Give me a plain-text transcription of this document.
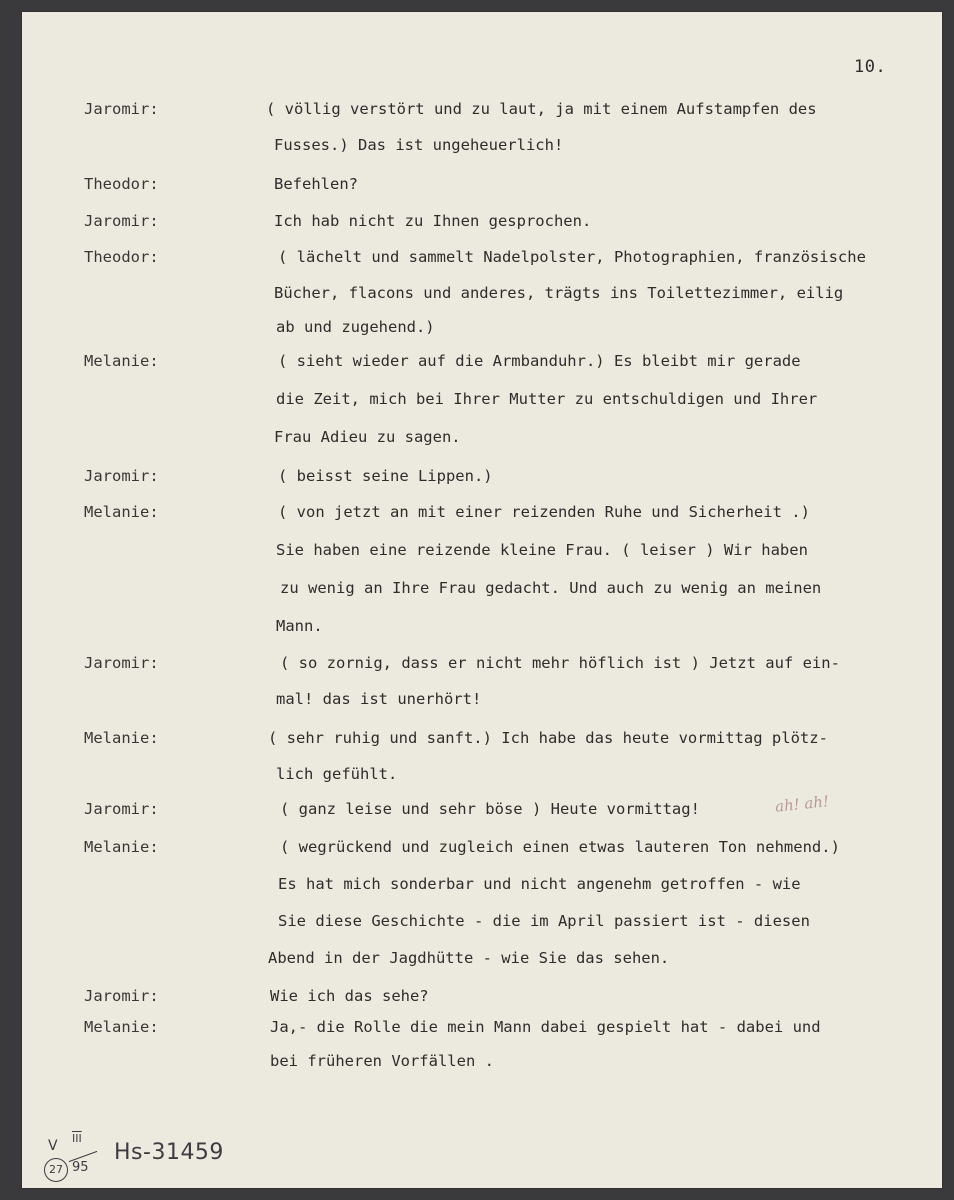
10.
Jaromir:	( völlig verstört und zu laut, ja mit einem Aufstampfen des
Fusses.) Das ist ungeheuerlich!
Theodor:	Befehlen?
Jaromir:	Ich hab nicht zu Ihnen gesprochen.
Theodor:	( lächelt und sammelt Nadelpolster, Photographien, französische
Bücher, flacons und anderes, trägts ins Toilettezimmer, eilig
ab und zugehend.)
Melanie:	( sieht wieder auf die Armbanduhr.) Es bleibt mir gerade
die Zeit, mich bei Ihrer Mutter zu entschuldigen und Ihrer
Frau Adieu zu sagen.
Jaromir:	( beisst seine Lippen.)
Melanie:	( von jetzt an mit einer reizenden Ruhe und Sicherheit .)
Sie haben eine reizende kleine Frau. ( leiser ) Wir haben
zu wenig an Ihre Frau gedacht. Und auch zu wenig an meinen
Mann.
Jaromir:	( so zornig, dass er nicht mehr höflich ist ) Jetzt auf ein-
mal! das ist unerhört!
Melanie:	( sehr ruhig und sanft.) Ich habe das heute vormittag plötz-
lich gefühlt.
Jaromir:	( ganz leise und sehr böse ) Heute vormittag!
Melanie:	( wegrückend und zugleich einen etwas lauteren Ton nehmend.)
Es hat mich sonderbar und nicht angenehm getroffen - wie
Sie diese Geschichte - die im April passiert ist - diesen
Abend in der Jagdhütte - wie Sie das sehen.
Jaromir:	Wie ich das sehe?
Melanie:	Ja,- die Rolle die mein Mann dabei gespielt hat - dabei und
bei früheren Vorfällen .
ah! ah!
V $\overline{III}$
27 95
Hs-31459
